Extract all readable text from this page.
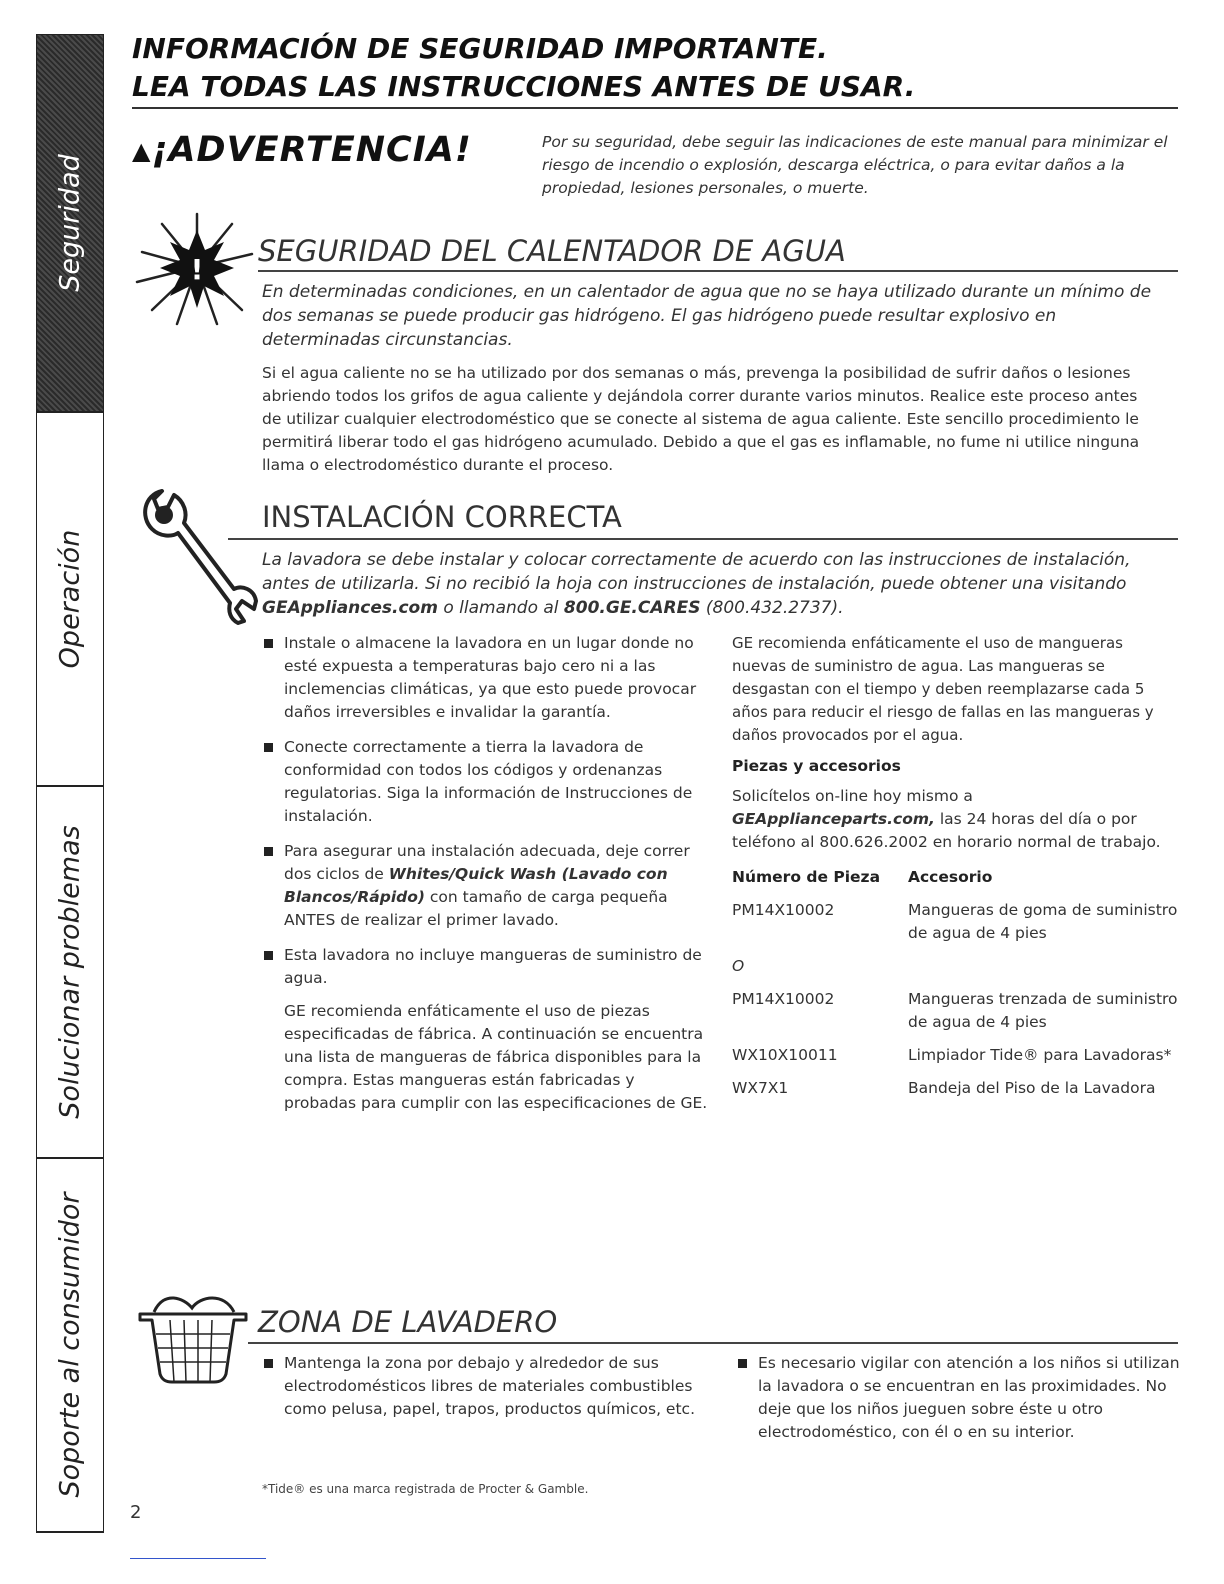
Seguridad
Operación
Solucionar problemas
Soporte al consumidor
INFORMACIÓN DE SEGURIDAD IMPORTANTE.
LEA TODAS LAS INSTRUCCIONES ANTES DE USAR.
▲¡ADVERTENCIA!	Por su seguridad, debe seguir las indicaciones de este manual para minimizar el riesgo de incendio o explosión, descarga eléctrica, o para evitar daños a la propiedad, lesiones personales, o muerte.
!
SEGURIDAD DEL CALENTADOR DE AGUA
En determinadas condiciones, en un calentador de agua que no se haya utilizado durante un mínimo de dos semanas se puede producir gas hidrógeno. El gas hidrógeno puede resultar explosivo en determinadas circunstancias.
Si el agua caliente no se ha utilizado por dos semanas o más, prevenga la posibilidad de sufrir daños o lesiones abriendo todos los grifos de agua caliente y dejándola correr durante varios minutos. Realice este proceso antes de utilizar cualquier electrodoméstico que se conecte al sistema de agua caliente. Este sencillo procedimiento le permitirá liberar todo el gas hidrógeno acumulado. Debido a que el gas es inflamable, no fume ni utilice ninguna llama o electrodoméstico durante el proceso.
INSTALACIÓN CORRECTA
La lavadora se debe instalar y colocar correctamente de acuerdo con las instrucciones de instalación, antes de utilizarla. Si no recibió la hoja con instrucciones de instalación, puede obtener una visitando GEAppliances.com o llamando al 800.GE.CARES (800.432.2737).
Instale o almacene la lavadora en un lugar donde no esté expuesta a temperaturas bajo cero ni a las inclemencias climáticas, ya que esto puede provocar daños irreversibles e invalidar la garantía.
Conecte correctamente a tierra la lavadora de conformidad con todos los códigos y ordenanzas regulatorias. Siga la información de Instrucciones de instalación.
Para asegurar una instalación adecuada, deje correr dos ciclos de Whites/Quick Wash (Lavado con Blancos/Rápido) con tamaño de carga pequeña ANTES de realizar el primer lavado.
Esta lavadora no incluye mangueras de suministro de agua.
GE recomienda enfáticamente el uso de piezas especificadas de fábrica. A continuación se encuentra una lista de mangueras de fábrica disponibles para la compra. Estas mangueras están fabricadas y probadas para cumplir con las especificaciones de GE.
GE recomienda enfáticamente el uso de mangueras nuevas de suministro de agua. Las mangueras se desgastan con el tiempo y deben reemplazarse cada 5 años para reducir el riesgo de fallas en las mangueras y daños provocados por el agua.
Piezas y accesorios
Solicítelos on-line hoy mismo a GEApplianceparts.com, las 24 horas del día o por teléfono al 800.626.2002 en horario normal de trabajo.
Número de Pieza	Accesorio
PM14X10002	Mangueras de goma de suministro de agua de 4 pies
O	
PM14X10002	Mangueras trenzada de suministro de agua de 4 pies
WX10X10011	Limpiador Tide® para Lavadoras*
WX7X1	Bandeja del Piso de la Lavadora
ZONA DE LAVADERO
Mantenga la zona por debajo y alrededor de sus electrodomésticos libres de materiales combustibles como pelusa, papel, trapos, productos químicos, etc.
Es necesario vigilar con atención a los niños si utilizan la lavadora o se encuentran en las proximidades. No deje que los niños jueguen sobre éste u otro electrodoméstico, con él o en su interior.
*Tide® es una marca registrada de Procter & Gamble.
2
